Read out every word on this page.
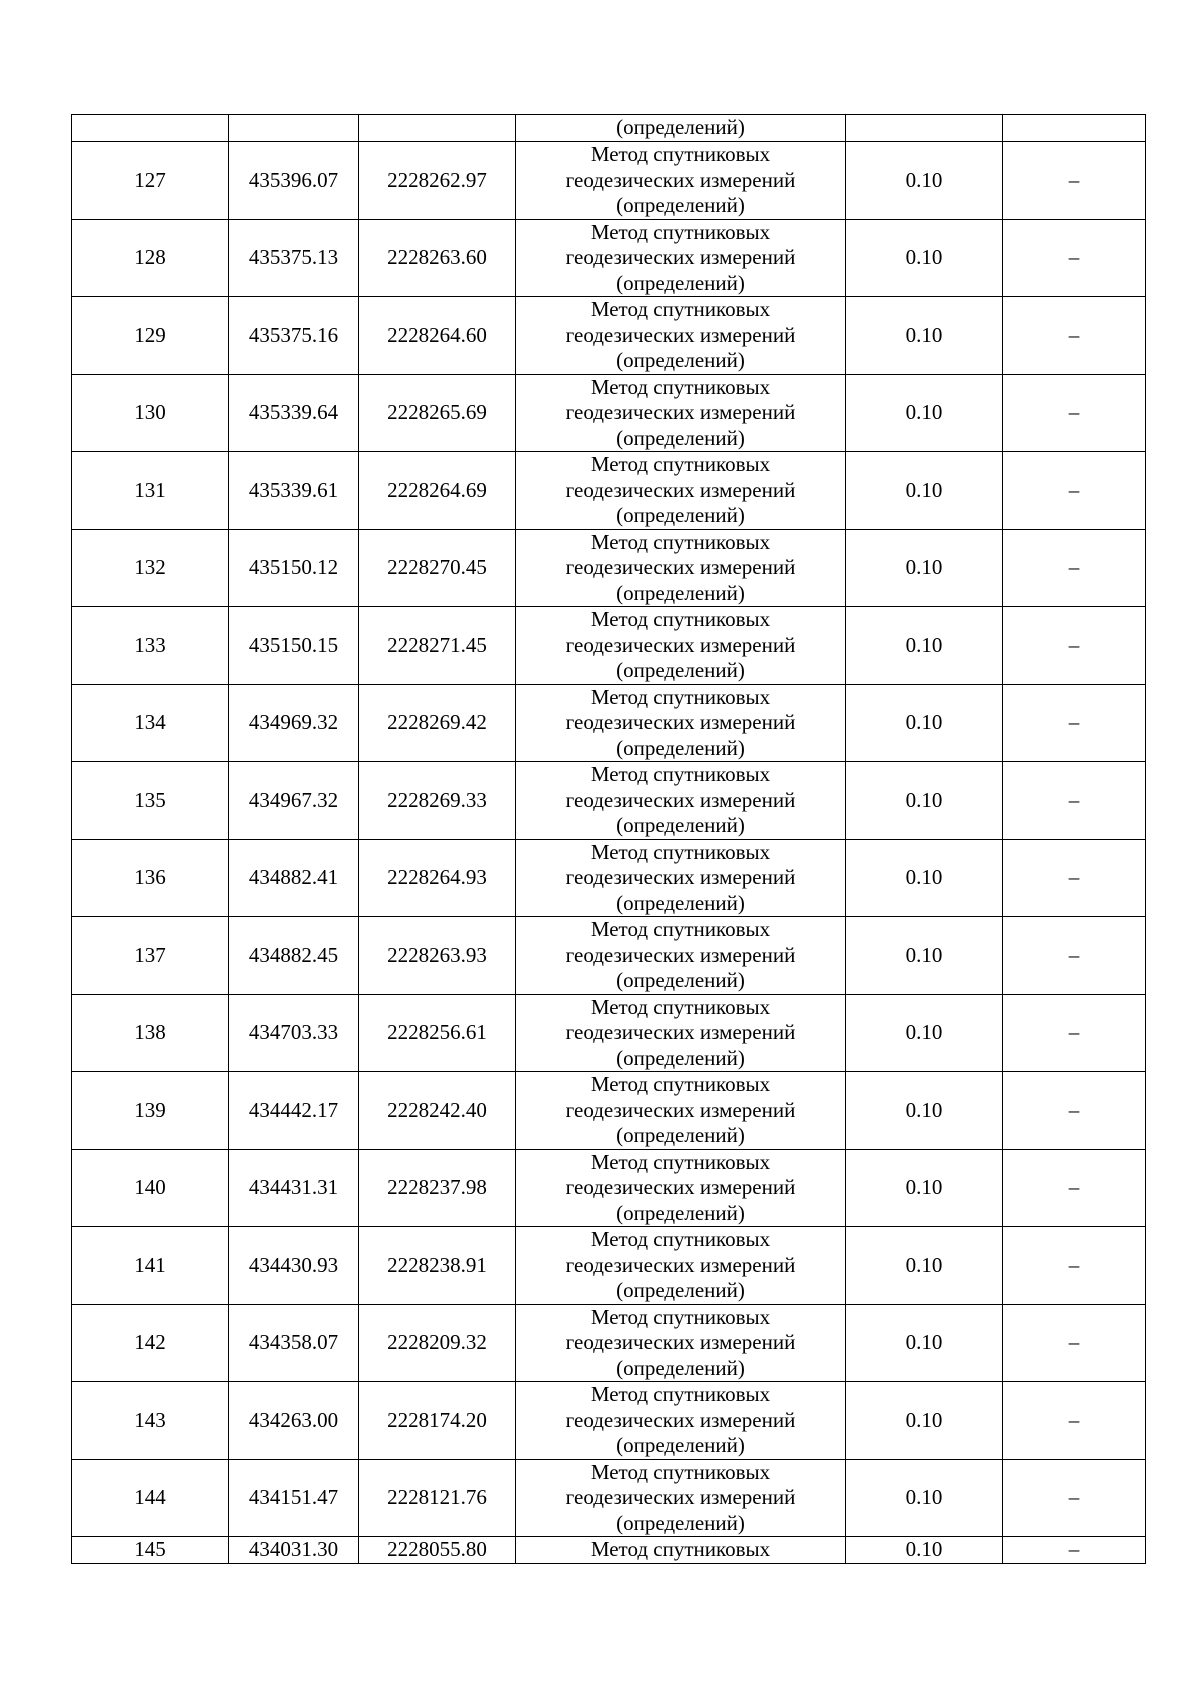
			(определений)		
127	435396.07	2228262.97	Метод спутниковых
геодезических измерений
(определений)	0.10	–
128	435375.13	2228263.60	Метод спутниковых
геодезических измерений
(определений)	0.10	–
129	435375.16	2228264.60	Метод спутниковых
геодезических измерений
(определений)	0.10	–
130	435339.64	2228265.69	Метод спутниковых
геодезических измерений
(определений)	0.10	–
131	435339.61	2228264.69	Метод спутниковых
геодезических измерений
(определений)	0.10	–
132	435150.12	2228270.45	Метод спутниковых
геодезических измерений
(определений)	0.10	–
133	435150.15	2228271.45	Метод спутниковых
геодезических измерений
(определений)	0.10	–
134	434969.32	2228269.42	Метод спутниковых
геодезических измерений
(определений)	0.10	–
135	434967.32	2228269.33	Метод спутниковых
геодезических измерений
(определений)	0.10	–
136	434882.41	2228264.93	Метод спутниковых
геодезических измерений
(определений)	0.10	–
137	434882.45	2228263.93	Метод спутниковых
геодезических измерений
(определений)	0.10	–
138	434703.33	2228256.61	Метод спутниковых
геодезических измерений
(определений)	0.10	–
139	434442.17	2228242.40	Метод спутниковых
геодезических измерений
(определений)	0.10	–
140	434431.31	2228237.98	Метод спутниковых
геодезических измерений
(определений)	0.10	–
141	434430.93	2228238.91	Метод спутниковых
геодезических измерений
(определений)	0.10	–
142	434358.07	2228209.32	Метод спутниковых
геодезических измерений
(определений)	0.10	–
143	434263.00	2228174.20	Метод спутниковых
геодезических измерений
(определений)	0.10	–
144	434151.47	2228121.76	Метод спутниковых
геодезических измерений
(определений)	0.10	–
145	434031.30	2228055.80	Метод спутниковых	0.10	–
